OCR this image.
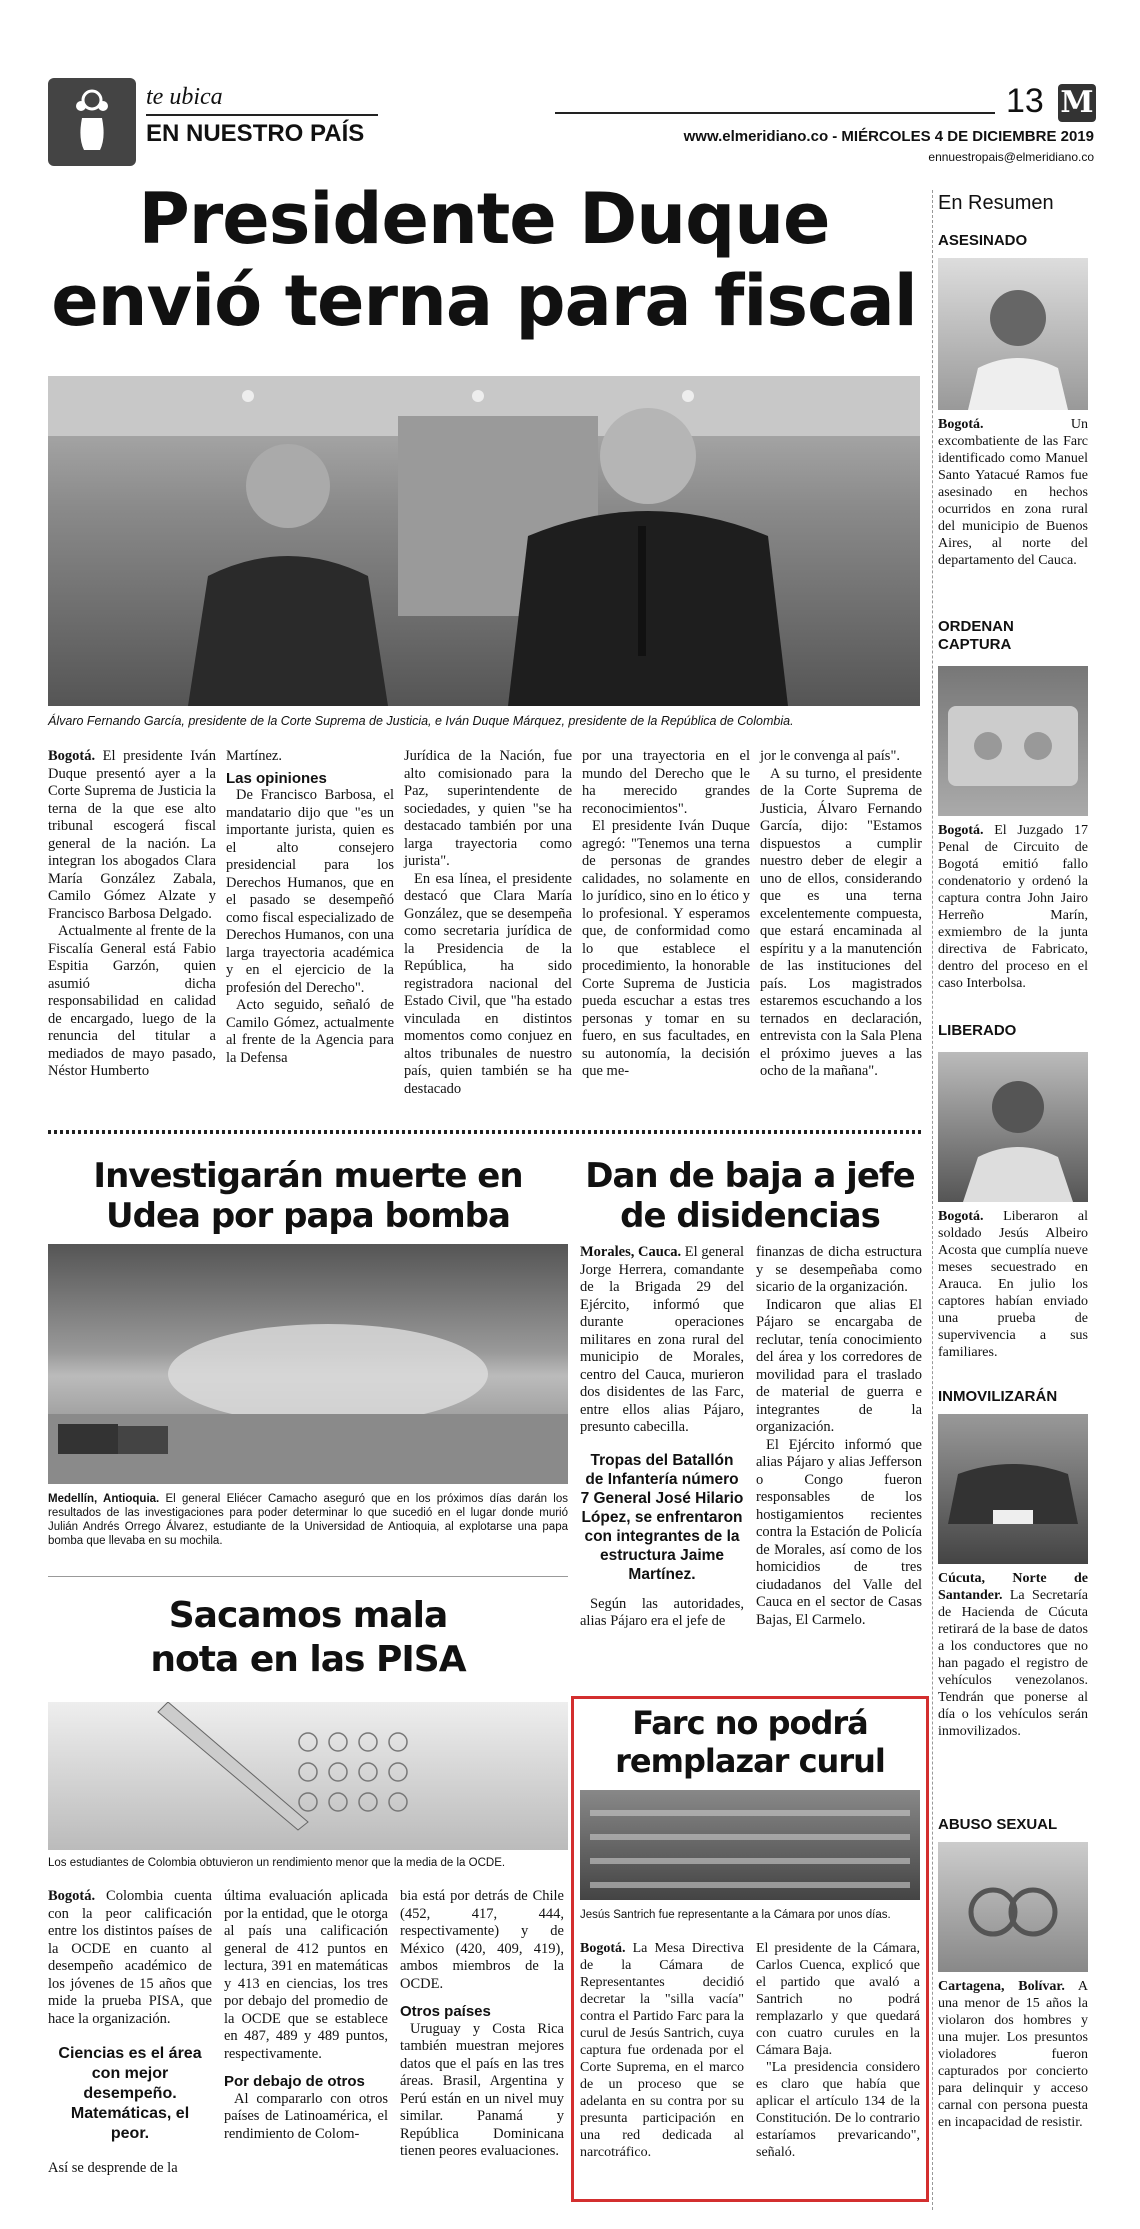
te ubica
EN NUESTRO PAÍS
13 M
www.elmeridiano.co - MIÉRCOLES 4 DE DICIEMBRE 2019
ennuestropais@elmeridiano.co
Presidente Duque
envió terna para fiscal
Álvaro Fernando García, presidente de la Corte Suprema de Justicia, e Iván Duque Márquez, presidente de la República de Colombia.

Bogotá. El presidente Iván Duque presentó ayer a la Corte Suprema de Justicia la terna de la que ese alto tribunal escogerá fiscal general de la nación. La integran los abogados Clara María González Zabala, Camilo Gómez Alzate y Francisco Barbosa Delgado.

Actualmente al frente de la Fiscalía General está Fabio Espitia Garzón, quien asumió dicha responsabilidad en calidad de encargado, luego de la renuncia del titular a mediados de mayo pasado, Néstor Humberto

Martínez.

Las opiniones

De Francisco Barbosa, el mandatario dijo que "es un importante jurista, quien es el alto consejero presidencial para los Derechos Humanos, que en el pasado se desempeñó como fiscal especializado de Derechos Humanos, con una larga trayectoria académica y en el ejercicio de la profesión del Derecho".

Acto seguido, señaló de Camilo Gómez, actualmente al frente de la Agencia para la Defensa

Jurídica de la Nación, fue alto comisionado para la Paz, superintendente de sociedades, y quien "se ha destacado también por una larga trayectoria como jurista".

En esa línea, el presidente destacó que Clara María González, que se desempeña como secretaria jurídica de la Presidencia de la República, ha sido registradora nacional del Estado Civil, que "ha estado vinculada en distintos momentos como conjuez en altos tribunales de nuestro país, quien también se ha destacado

por una trayectoria en el mundo del Derecho que le ha merecido grandes reconocimientos".

El presidente Iván Duque agregó: "Tenemos una terna de personas de grandes calidades, no solamente en lo jurídico, sino en lo ético y lo profesional. Y esperamos que, de conformidad como lo que establece el procedimiento, la honorable Corte Suprema de Justicia pueda escuchar a estas tres personas y tomar en su fuero, en sus facultades, en su autonomía, la decisión que me-

jor le convenga al país".

A su turno, el presidente de la Corte Suprema de Justicia, Álvaro Fernando García, dijo: "Estamos dispuestos a cumplir nuestro deber de elegir a uno de ellos, considerando que es una terna excelentemente compuesta, que estará encaminada al espíritu y a la manutención de las instituciones del país. Los magistrados estaremos escuchando a los ternados en declaración, entrevista con la Sala Plena el próximo jueves a las ocho de la mañana".

Investigarán muerte en
Udea por papa bomba
Medellín, Antioquia. El general Eliécer Camacho aseguró que en los próximos días darán los resultados de las investigaciones para poder determinar lo que sucedió en el lugar donde murió Julián Andrés Orrego Álvarez, estudiante de la Universidad de Antioquia, al explotarse una papa bomba que llevaba en su mochila.
Sacamos mala
nota en las PISA
Los estudiantes de Colombia obtuvieron un rendimiento menor que la media de la OCDE.

Bogotá. Colombia cuenta con la peor calificación entre los distintos países de la OCDE en cuanto al desempeño académico de los jóvenes de 15 años que mide la prueba PISA, que hace la organización.

Ciencias es el área con mejor desempeño. Matemáticas, el peor.

Así se desprende de la

última evaluación aplicada por la entidad, que le otorga al país una calificación general de 412 puntos en lectura, 391 en matemáticas y 413 en ciencias, los tres por debajo del promedio de la OCDE que se establece en 487, 489 y 489 puntos, respectivamente.

Por debajo de otros

Al compararlo con otros países de Latinoamérica, el rendimiento de Colom-

bia está por detrás de Chile (452, 417, 444, respectivamente) y de México (420, 409, 419), ambos miembros de la OCDE.

Otros países

Uruguay y Costa Rica también muestran mejores datos que el país en las tres áreas. Brasil, Argentina y Perú están en un nivel muy similar. Panamá y República Dominicana tienen peores evaluaciones.

Dan de baja a jefe
de disidencias

Morales, Cauca. El general Jorge Herrera, comandante de la Brigada 29 del Ejército, informó que durante operaciones militares en zona rural del municipio de Morales, centro del Cauca, murieron dos disidentes de las Farc, entre ellos alias Pájaro, presunto cabecilla.

Tropas del Batallón de Infantería número 7 General José Hilario López, se enfrentaron con integrantes de la estructura Jaime Martínez.

Según las autoridades, alias Pájaro era el jefe de

finanzas de dicha estructura y se desempeñaba como sicario de la organización.

Indicaron que alias El Pájaro se encargaba de reclutar, tenía conocimiento del área y los corredores de movilidad para el traslado de material de guerra e integrantes de la organización.

El Ejército informó que alias Pájaro y alias Jefferson o Congo fueron responsables de los hostigamientos recientes contra la Estación de Policía de Morales, así como de los homicidios de tres ciudadanos del Valle del Cauca en el sector de Casas Bajas, El Carmelo.

Farc no podrá
remplazar curul
Jesús Santrich fue representante a la Cámara por unos días.

Bogotá. La Mesa Directiva de la Cámara de Representantes decidió decretar la "silla vacía" contra el Partido Farc para la curul de Jesús Santrich, cuya captura fue ordenada por el Corte Suprema, en el marco de un proceso que se adelanta en su contra por su presunta participación en una red dedicada al narcotráfico.

El presidente de la Cámara, Carlos Cuenca, explicó que el partido que avaló a Santrich no podrá remplazarlo y que quedará con cuatro curules en la Cámara Baja.

"La presidencia considero es claro que había que aplicar el artículo 134 de la Constitución. De lo contrario estaríamos prevaricando", señaló.

En Resumen
ASESINADO
Bogotá. Un excombatiente de las Farc identificado como Manuel Santo Yatacué Ramos fue asesinado en hechos ocurridos en zona rural del municipio de Buenos Aires, al norte del departamento del Cauca.
ORDENAN CAPTURA
Bogotá. El Juzgado 17 Penal de Circuito de Bogotá emitió fallo condenatorio y ordenó la captura contra John Jairo Herreño Marín, exmiembro de la junta directiva de Fabricato, dentro del proceso en el caso Interbolsa.
LIBERADO
Bogotá. Liberaron al soldado Jesús Albeiro Acosta que cumplía nueve meses secuestrado en Arauca. En julio los captores habían enviado una prueba de supervivencia a sus familiares.
INMOVILIZARÁN
Cúcuta, Norte de Santander. La Secretaría de Hacienda de Cúcuta retirará de la base de datos a los conductores que no han pagado el registro de vehículos venezolanos. Tendrán que ponerse al día o los vehículos serán inmovilizados.
ABUSO SEXUAL
Cartagena, Bolívar. A una menor de 15 años la violaron dos hombres y una mujer. Los presuntos violadores fueron capturados por concierto para delinquir y acceso carnal con persona puesta en incapacidad de resistir.
